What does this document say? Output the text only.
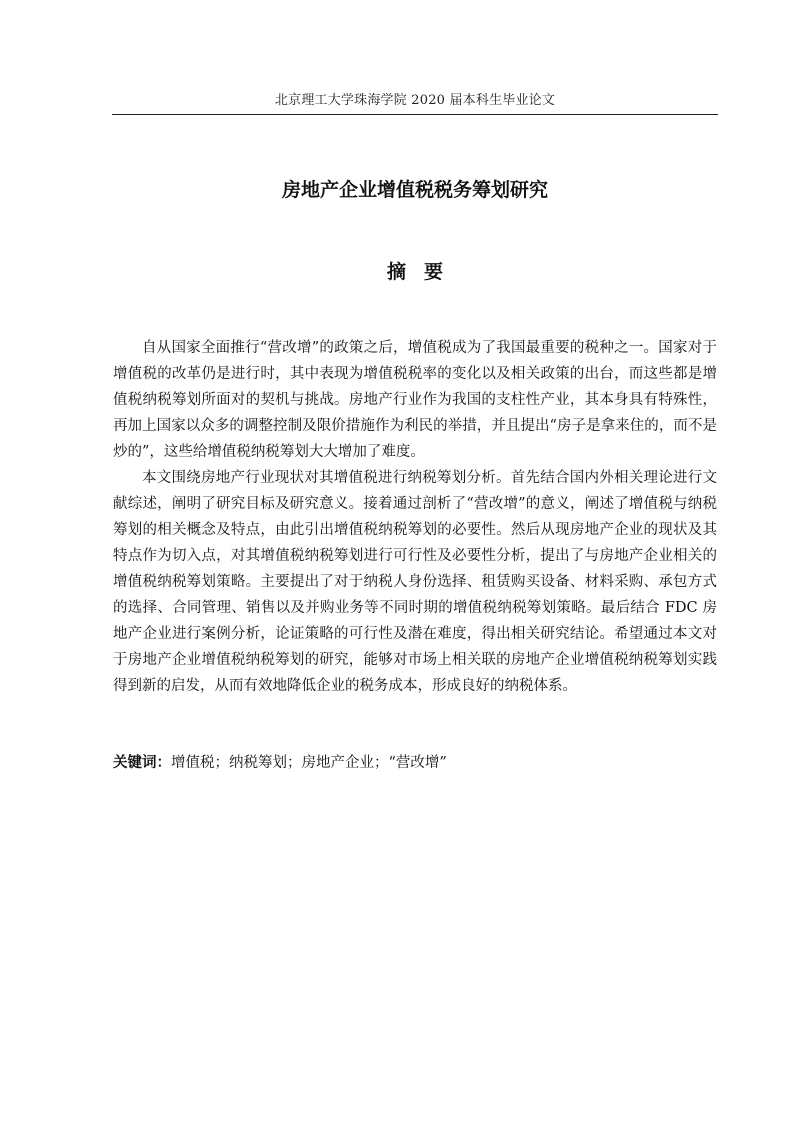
北京理工大学珠海学院 2020 届本科生毕业论文
房地产企业增值税税务筹划研究
摘要

自从国家全面推行“营改增”的政策之后，增值税成为了我国最重要的税种之一。国家对于增值税的改革仍是进行时，其中表现为增值税税率的变化以及相关政策的出台，而这些都是增值税纳税筹划所面对的契机与挑战。房地产行业作为我国的支柱性产业，其本身具有特殊性，再加上国家以众多的调整控制及限价措施作为利民的举措，并且提出“房子是拿来住的，而不是炒的”，这些给增值税纳税筹划大大增加了难度。

本文围绕房地产行业现状对其增值税进行纳税筹划分析。首先结合国内外相关理论进行文献综述，阐明了研究目标及研究意义。接着通过剖析了“营改增”的意义，阐述了增值税与纳税筹划的相关概念及特点，由此引出增值税纳税筹划的必要性。然后从现房地产企业的现状及其特点作为切入点，对其增值税纳税筹划进行可行性及必要性分析，提出了与房地产企业相关的增值税纳税筹划策略。主要提出了对于纳税人身份选择、租赁购买设备、材料采购、承包方式的选择、合同管理、销售以及并购业务等不同时期的增值税纳税筹划策略。最后结合 FDC 房地产企业进行案例分析，论证策略的可行性及潜在难度，得出相关研究结论。希望通过本文对于房地产企业增值税纳税筹划的研究，能够对市场上相关联的房地产企业增值税纳税筹划实践得到新的启发，从而有效地降低企业的税务成本，形成良好的纳税体系。

关键词：增值税；纳税筹划；房地产企业；“营改增”
